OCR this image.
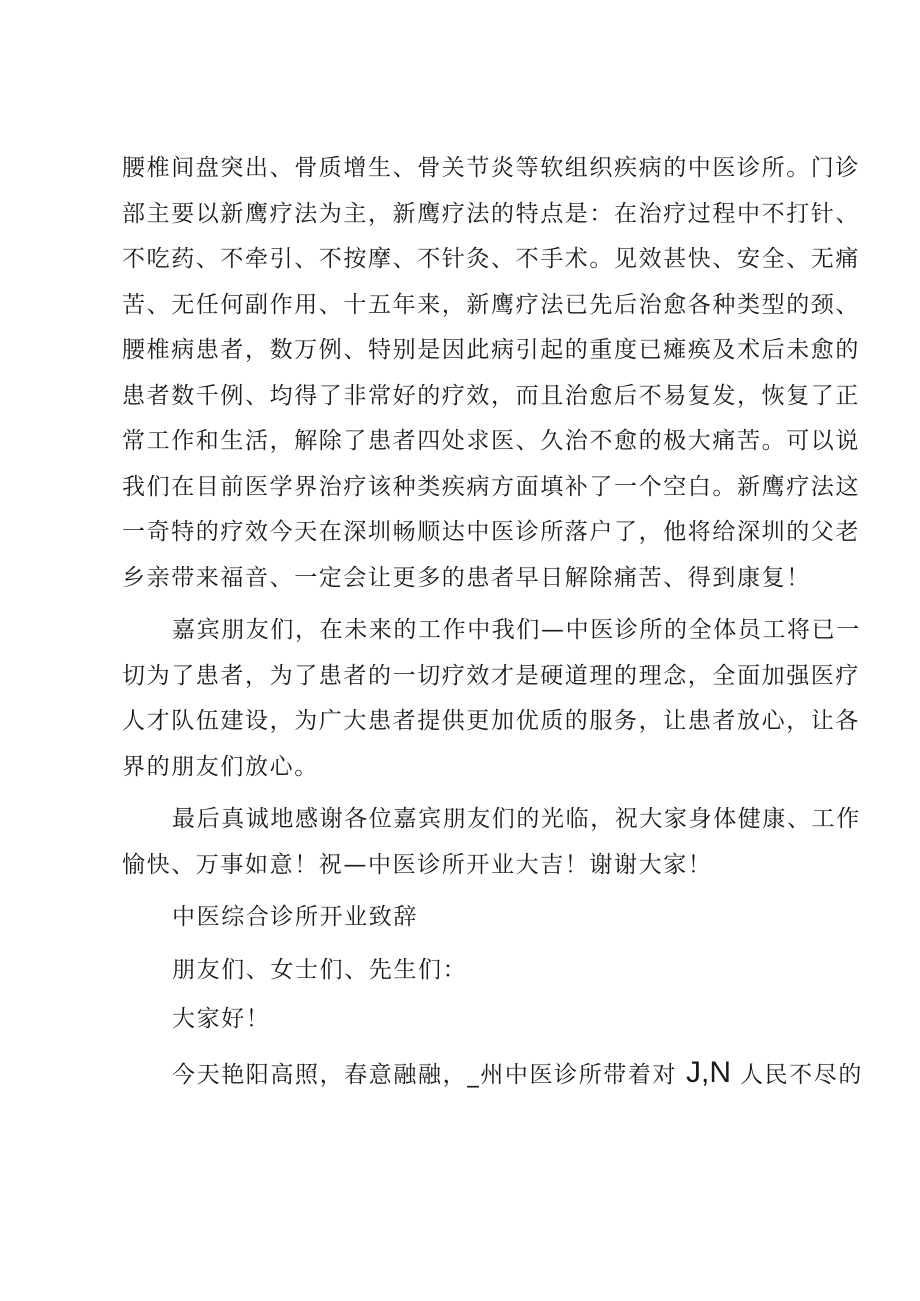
腰椎间盘突出、骨质增生、骨关节炎等软组织疾病的中医诊所。门诊
部主要以新鹰疗法为主，新鹰疗法的特点是：在治疗过程中不打针、
不吃药、不牵引、不按摩、不针灸、不手术。见效甚快、安全、无痛
苦、无任何副作用、十五年来，新鹰疗法已先后治愈各种类型的颈、
腰椎病患者，数万例、特别是因此病引起的重度已瘫痪及术后未愈的
患者数千例、均得了非常好的疗效，而且治愈后不易复发，恢复了正
常工作和生活，解除了患者四处求医、久治不愈的极大痛苦。可以说
我们在目前医学界治疗该种类疾病方面填补了一个空白。新鹰疗法这
一奇特的疗效今天在深圳畅顺达中医诊所落户了，他将给深圳的父老
乡亲带来福音、一定会让更多的患者早日解除痛苦、得到康复！
嘉宾朋友们，在未来的工作中我们—中医诊所的全体员工将已一
切为了患者，为了患者的一切疗效才是硬道理的理念，全面加强医疗
人才队伍建设，为广大患者提供更加优质的服务，让患者放心，让各
界的朋友们放心。
最后真诚地感谢各位嘉宾朋友们的光临，祝大家身体健康、工作
愉快、万事如意！祝—中医诊所开业大吉！谢谢大家！
中医综合诊所开业致辞
朋友们、女士们、先生们：
大家好！
今天艳阳高照，春意融融，_州中医诊所带着对 J,N 人民不尽的
